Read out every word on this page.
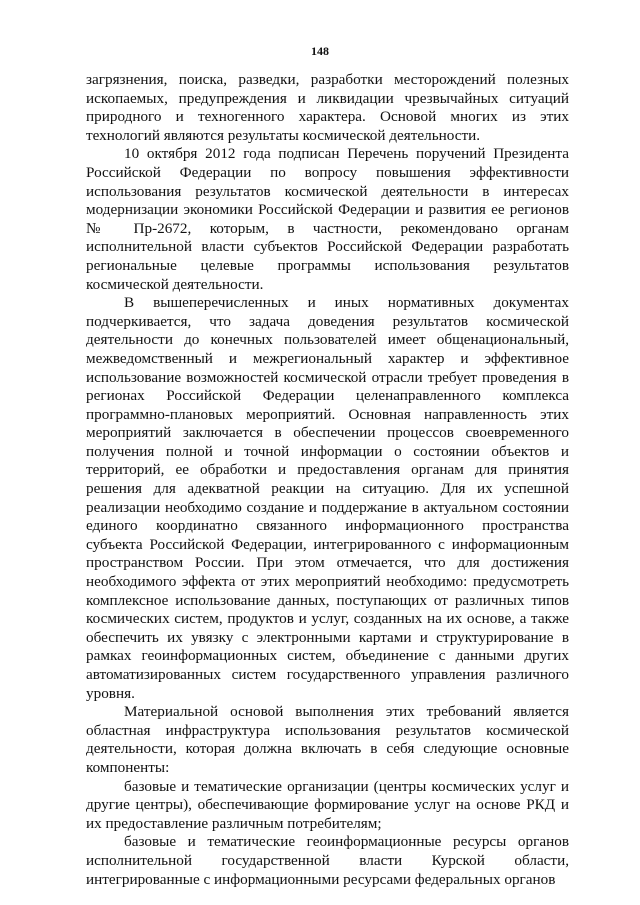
148

загрязнения, поиска, разведки, разработки месторождений полезных ископаемых, предупреждения и ликвидации чрезвычайных ситуаций природного и техногенного характера. Основой многих из этих технологий являются результаты космической деятельности.

10 октября 2012 года подписан Перечень поручений Президента Российской Федерации по вопросу повышения эффективности использования результатов космической деятельности в интересах модернизации экономики Российской Федерации и развития ее регионов № Пр-2672, которым, в частности, рекомендовано органам исполнительной власти субъектов Российской Федерации разработать региональные целевые программы использования результатов космической деятельности.

В вышеперечисленных и иных нормативных документах подчеркивается, что задача доведения результатов космической деятельности до конечных пользователей имеет общенациональный, межведомственный и межрегиональный характер и эффективное использование возможностей космической отрасли требует проведения в регионах Российской Федерации целенаправленного комплекса программно-плановых мероприятий. Основная направленность этих мероприятий заключается в обеспечении процессов своевременного получения полной и точной информации о состоянии объектов и территорий, ее обработки и предоставления органам для принятия решения для адекватной реакции на ситуацию. Для их успешной реализации необходимо создание и поддержание в актуальном состоянии единого координатно связанного информационного пространства субъекта Российской Федерации, интегрированного с информационным пространством России. При этом отмечается, что для достижения необходимого эффекта от этих мероприятий необходимо: предусмотреть комплексное использование данных, поступающих от различных типов космических систем, продуктов и услуг, созданных на их основе, а также обеспечить их увязку с электронными картами и структурирование в рамках геоинформационных систем, объединение с данными других автоматизированных систем государственного управления различного уровня.

Материальной основой выполнения этих требований является областная инфраструктура использования результатов космической деятельности, которая должна включать в себя следующие основные компоненты:

базовые и тематические организации (центры космических услуг и другие центры), обеспечивающие формирование услуг на основе РКД и их предоставление различным потребителям;

базовые и тематические геоинформационные ресурсы органов исполнительной государственной власти Курской области, интегрированные с информационными ресурсами федеральных органов
